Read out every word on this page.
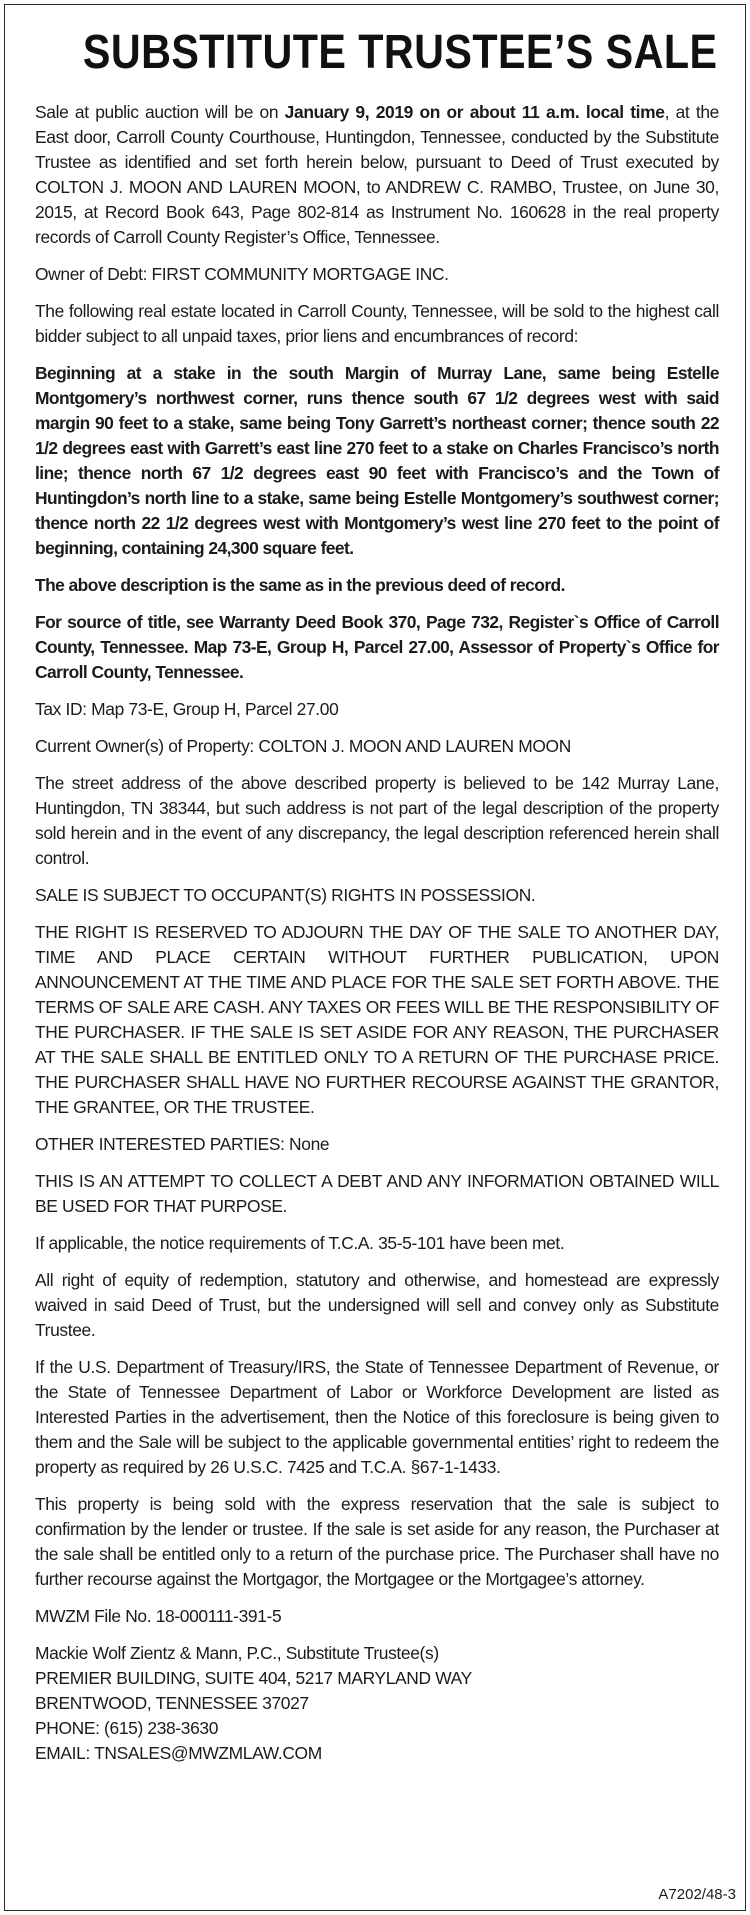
SUBSTITUTE TRUSTEE’S SALE

Sale at public auction will be on January 9, 2019 on or about 11 a.m. local time, at the East door, Carroll County Courthouse, Huntingdon, Tennessee, conducted by the Substitute Trustee as identified and set forth herein below, pursuant to Deed of Trust executed by COLTON J. MOON AND LAUREN MOON, to ANDREW C. RAMBO, Trustee, on June 30, 2015, at Record Book 643, Page 802-814 as Instrument No. 160628 in the real property records of Carroll County Register’s Office, Tennessee.

Owner of Debt: FIRST COMMUNITY MORTGAGE INC.

The following real estate located in Carroll County, Tennessee, will be sold to the highest call bidder subject to all unpaid taxes, prior liens and encumbrances of record:

Beginning at a stake in the south Margin of Murray Lane, same being Estelle Montgomery’s northwest corner, runs thence south 67 1/2 degrees west with said margin 90 feet to a stake, same being Tony Garrett’s northeast corner; thence south 22 1/2 degrees east with Garrett’s east line 270 feet to a stake on Charles Francisco’s north line; thence north 67 1/2 degrees east 90 feet with Francisco’s and the Town of Huntingdon’s north line to a stake, same being Estelle Montgomery’s southwest corner; thence north 22 1/2 degrees west with Montgomery’s west line 270 feet to the point of beginning, containing 24,300 square feet.

The above description is the same as in the previous deed of record.

For source of title, see Warranty Deed Book 370, Page 732, Register`s Office of Carroll County, Tennessee. Map 73-E, Group H, Parcel 27.00, Assessor of Property`s Office for Carroll County, Tennessee.

Tax ID: Map 73-E, Group H, Parcel 27.00

Current Owner(s) of Property: COLTON J. MOON AND LAUREN MOON

The street address of the above described property is believed to be 142 Murray Lane, Huntingdon, TN 38344, but such address is not part of the legal description of the property sold herein and in the event of any discrepancy, the legal description referenced herein shall control.

SALE IS SUBJECT TO OCCUPANT(S) RIGHTS IN POSSESSION.

THE RIGHT IS RESERVED TO ADJOURN THE DAY OF THE SALE TO ANOTHER DAY, TIME AND PLACE CERTAIN WITHOUT FURTHER PUBLICATION, UPON ANNOUNCEMENT AT THE TIME AND PLACE FOR THE SALE SET FORTH ABOVE. THE TERMS OF SALE ARE CASH. ANY TAXES OR FEES WILL BE THE RESPONSIBILITY OF THE PURCHASER. IF THE SALE IS SET ASIDE FOR ANY REASON, THE PURCHASER AT THE SALE SHALL BE ENTITLED ONLY TO A RETURN OF THE PURCHASE PRICE. THE PURCHASER SHALL HAVE NO FURTHER RECOURSE AGAINST THE GRANTOR, THE GRANTEE, OR THE TRUSTEE.

OTHER INTERESTED PARTIES: None

THIS IS AN ATTEMPT TO COLLECT A DEBT AND ANY INFORMATION OBTAINED WILL BE USED FOR THAT PURPOSE.

If applicable, the notice requirements of T.C.A. 35-5-101 have been met.

All right of equity of redemption, statutory and otherwise, and homestead are expressly waived in said Deed of Trust, but the undersigned will sell and convey only as Substitute Trustee.

If the U.S. Department of Treasury/IRS, the State of Tennessee Department of Revenue, or the State of Tennessee Department of Labor or Workforce Development are listed as Interested Parties in the advertisement, then the Notice of this foreclosure is being given to them and the Sale will be subject to the applicable governmental entities’ right to redeem the property as required by 26 U.S.C. 7425 and T.C.A. §67-1-1433.

This property is being sold with the express reservation that the sale is subject to confirmation by the lender or trustee. If the sale is set aside for any reason, the Purchaser at the sale shall be entitled only to a return of the purchase price. The Purchaser shall have no further recourse against the Mortgagor, the Mortgagee or the Mortgagee’s attorney.

MWZM File No. 18-000111-391-5

Mackie Wolf Zientz & Mann, P.C., Substitute Trustee(s)

PREMIER BUILDING, SUITE 404, 5217 MARYLAND WAY

BRENTWOOD, TENNESSEE 37027

PHONE: (615) 238-3630

EMAIL: TNSALES@MWZMLAW.COM

A7202/48-3
